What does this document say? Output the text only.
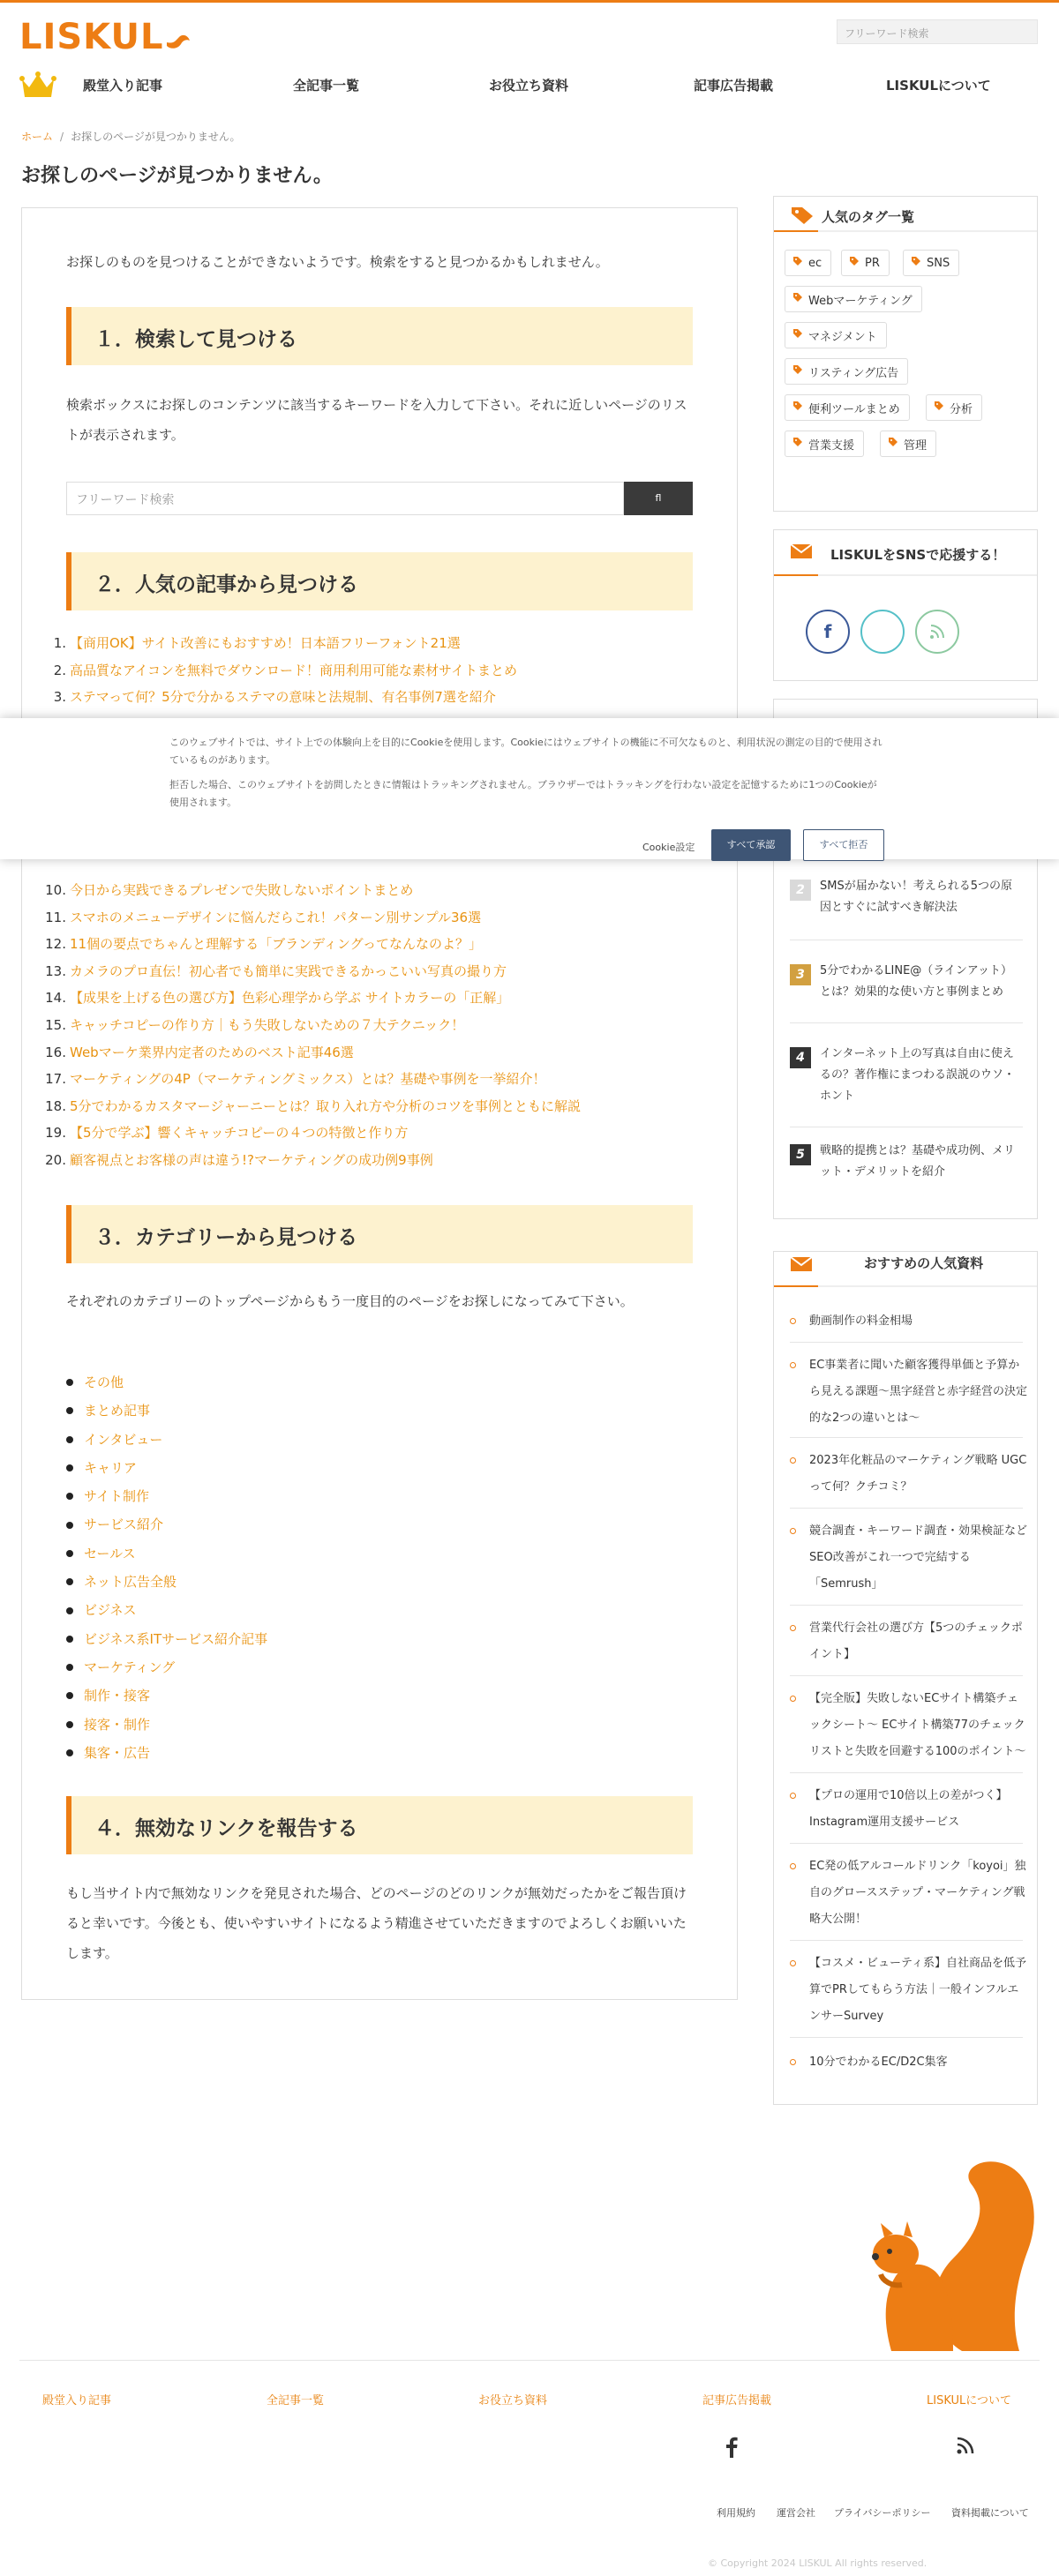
LISKUL	フリーワード検索
殿堂入り記事	全記事一覧	お役立ち資料	記事広告掲載	LISKULについて
ホーム / お探しのページが見つかりません。
お探しのページが見つかりません。

お探しのものを見つけることができないようです。検索をすると見つかるかもしれません。

１．検索して見つける

検索ボックスにお探しのコンテンツに該当するキーワードを入力して下さい。それに近しいページのリストが表示されます。

フリーワード検索	fl
２．人気の記事から見つける
1. 【商用OK】サイト改善にもおすすめ！日本語フリーフォント21選
2. 高品質なアイコンを無料でダウンロード！商用利用可能な素材サイトまとめ
3. ステマって何？5分で分かるステマの意味と法規制、有名事例7選を紹介
10. 今日から実践できるプレゼンで失敗しないポイントまとめ
11. スマホのメニューデザインに悩んだらこれ！パターン別サンプル36選
12. 11個の要点でちゃんと理解する「ブランディングってなんなのよ？」
13. カメラのプロ直伝！初心者でも簡単に実践できるかっこいい写真の撮り方
14. 【成果を上げる色の選び方】色彩心理学から学ぶ サイトカラーの「正解」
15. キャッチコピーの作り方｜もう失敗しないための７大テクニック！
16. Webマーケ業界内定者のためのベスト記事46選
17. マーケティングの4P（マーケティングミックス）とは？基礎や事例を一挙紹介！
18. 5分でわかるカスタマージャーニーとは？取り入れ方や分析のコツを事例とともに解説
19. 【5分で学ぶ】響くキャッチコピーの４つの特徴と作り方
20. 顧客視点とお客様の声は違う!?マーケティングの成功例9事例
３．カテゴリーから見つける

それぞれのカテゴリーのトップページからもう一度目的のページをお探しになってみて下さい。

その他
まとめ記事
インタビュー
キャリア
サイト制作
サービス紹介
セールス
ネット広告全般
ビジネス
ビジネス系ITサービス紹介記事
マーケティング
制作・接客
接客・制作
集客・広告
４．無効なリンクを報告する

もし当サイト内で無効なリンクを発見された場合、どのページのどのリンクが無効だったかをご報告頂けると幸いです。今後とも、使いやすいサイトになるよう精進させていただきますのでよろしくお願いいたします。

人気のタグ一覧
ec	PR	SNS
Webマーケティング
マネジメント
リスティング広告
便利ツールまとめ	分析
営業支援	管理
LISKULをSNSで応援する！
f
2	SMSが届かない！考えられる5つの原因とすぐに試すべき解決法
3	5分でわかるLINE@（ラインアット）とは？効果的な使い方と事例まとめ
4	インターネット上の写真は自由に使えるの？著作権にまつわる誤説のウソ・ホント
5	戦略的提携とは？基礎や成功例、メリット・デメリットを紹介
おすすめの人気資料
動画制作の料金相場
EC事業者に聞いた顧客獲得単価と予算から見える課題〜黒字経営と赤字経営の決定的な2つの違いとは〜
2023年化粧品のマーケティング戦略 UGCって何？クチコミ？
競合調査・キーワード調査・効果検証などSEO改善がこれ一つで完結する「Semrush」
営業代行会社の選び方【5つのチェックポイント】
【完全版】失敗しないECサイト構築チェックシート〜 ECサイト構築77のチェックリストと失敗を回避する100のポイント〜
【プロの運用で10倍以上の差がつく】Instagram運用支援サービス
EC発の低アルコールドリンク「koyoi」独自のグロースステップ・マーケティング戦略大公開！
【コスメ・ビューティ系】自社商品を低予算でPRしてもらう方法｜一般インフルエンサーSurvey
10分でわかるEC/D2C集客
殿堂入り記事	全記事一覧	お役立ち資料	記事広告掲載	LISKULについて
利用規約 運営会社 プライバシーポリシー 資料掲載について
© Copyright 2024 LISKUL All rights reserved.

このウェブサイトでは、サイト上での体験向上を目的にCookieを使用します。Cookieにはウェブサイトの機能に不可欠なものと、利用状況の測定の目的で使用されているものがあります。

拒否した場合、このウェブサイトを訪問したときに情報はトラッキングされません。ブラウザーではトラッキングを行わない設定を記憶するために1つのCookieが使用されます。

Cookie設定	すべて承認	すべて拒否
